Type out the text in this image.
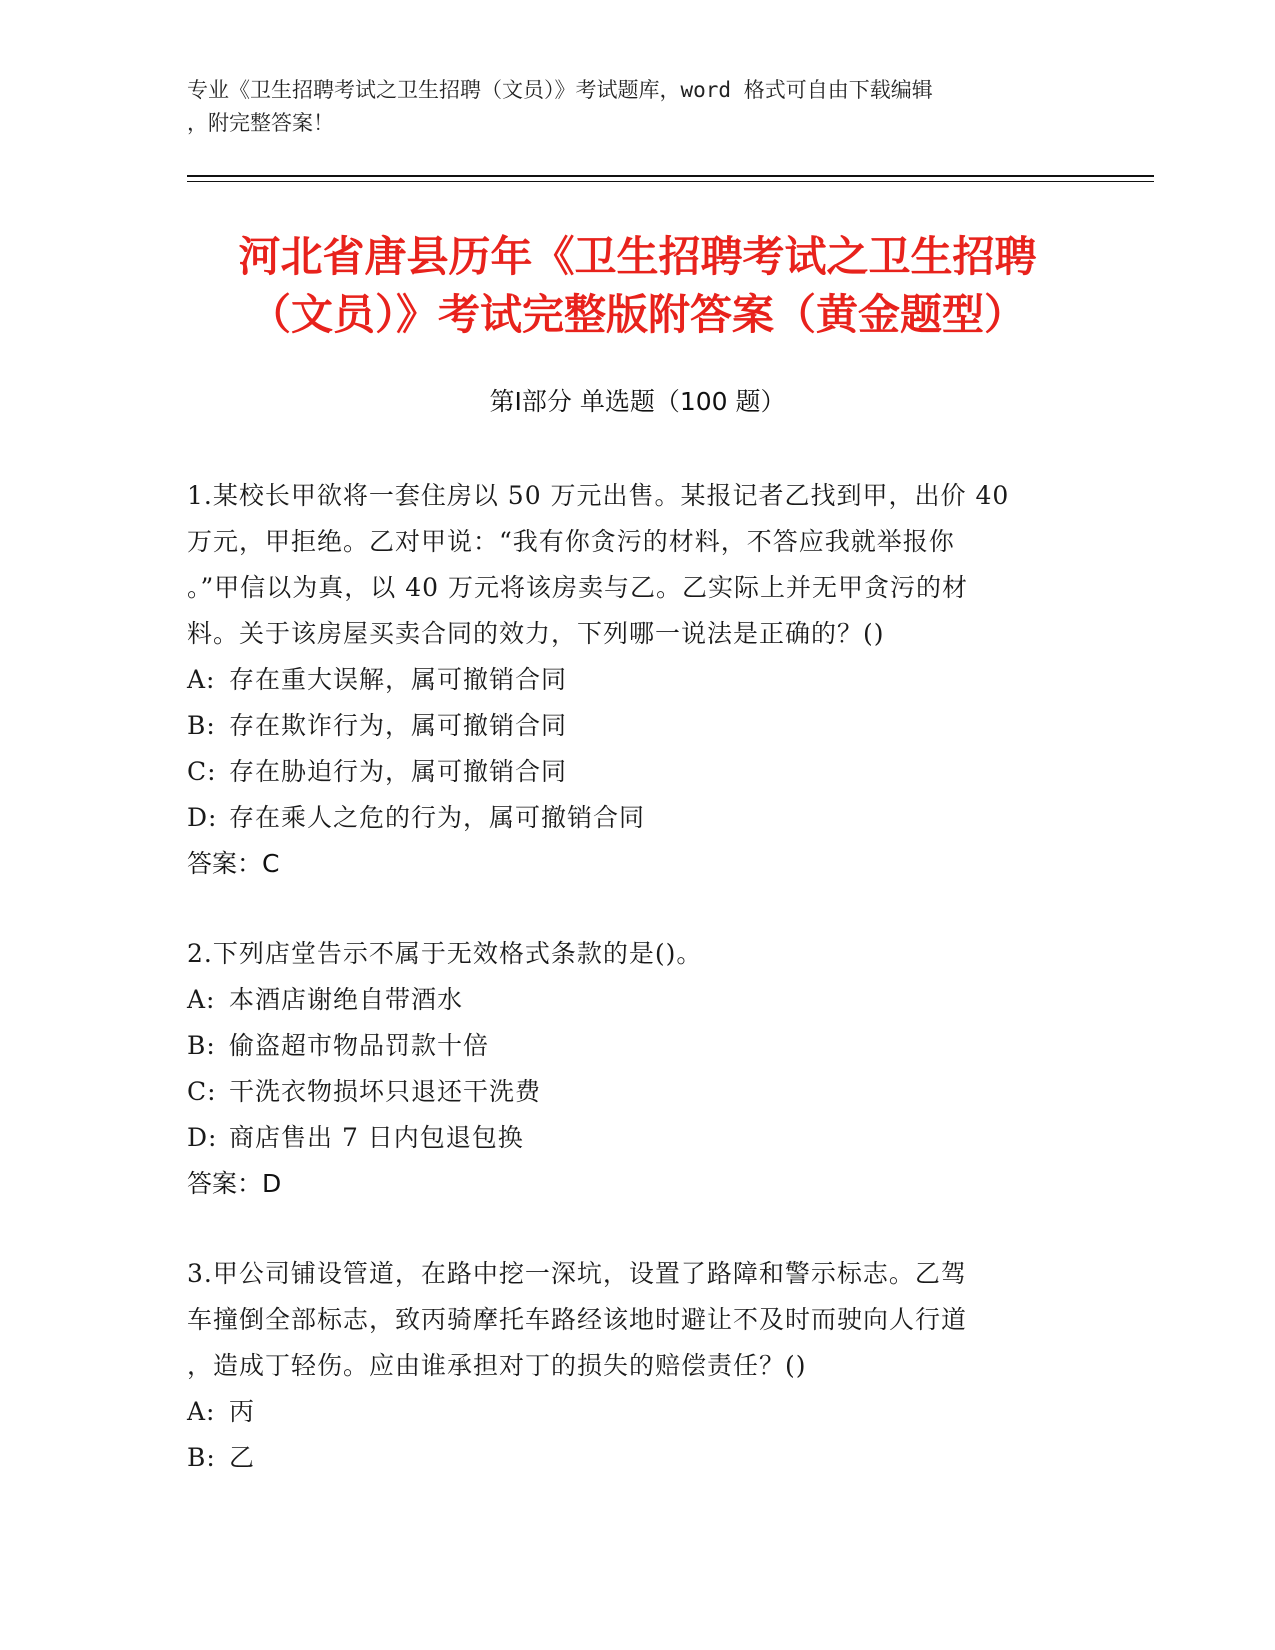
专业《卫生招聘考试之卫生招聘（文员）》考试题库，word 格式可自由下载编辑
，附完整答案！
河北省唐县历年《卫生招聘考试之卫生招聘
（文员）》考试完整版附答案（黄金题型）
第Ⅰ部分 单选题（100 题）

1.某校长甲欲将一套住房以 50 万元出售。某报记者乙找到甲，出价 40

万元，甲拒绝。乙对甲说：“我有你贪污的材料，不答应我就举报你

。”甲信以为真，以 40 万元将该房卖与乙。乙实际上并无甲贪污的材

料。关于该房屋买卖合同的效力，下列哪一说法是正确的？()

A: 存在重大误解，属可撤销合同

B: 存在欺诈行为，属可撤销合同

C: 存在胁迫行为，属可撤销合同

D: 存在乘人之危的行为，属可撤销合同

答案：C

2.下列店堂告示不属于无效格式条款的是()。

A: 本酒店谢绝自带酒水

B: 偷盗超市物品罚款十倍

C: 干洗衣物损坏只退还干洗费

D: 商店售出 7 日内包退包换

答案：D

3.甲公司铺设管道，在路中挖一深坑，设置了路障和警示标志。乙驾

车撞倒全部标志，致丙骑摩托车路经该地时避让不及时而驶向人行道

，造成丁轻伤。应由谁承担对丁的损失的赔偿责任？()

A: 丙

B: 乙
